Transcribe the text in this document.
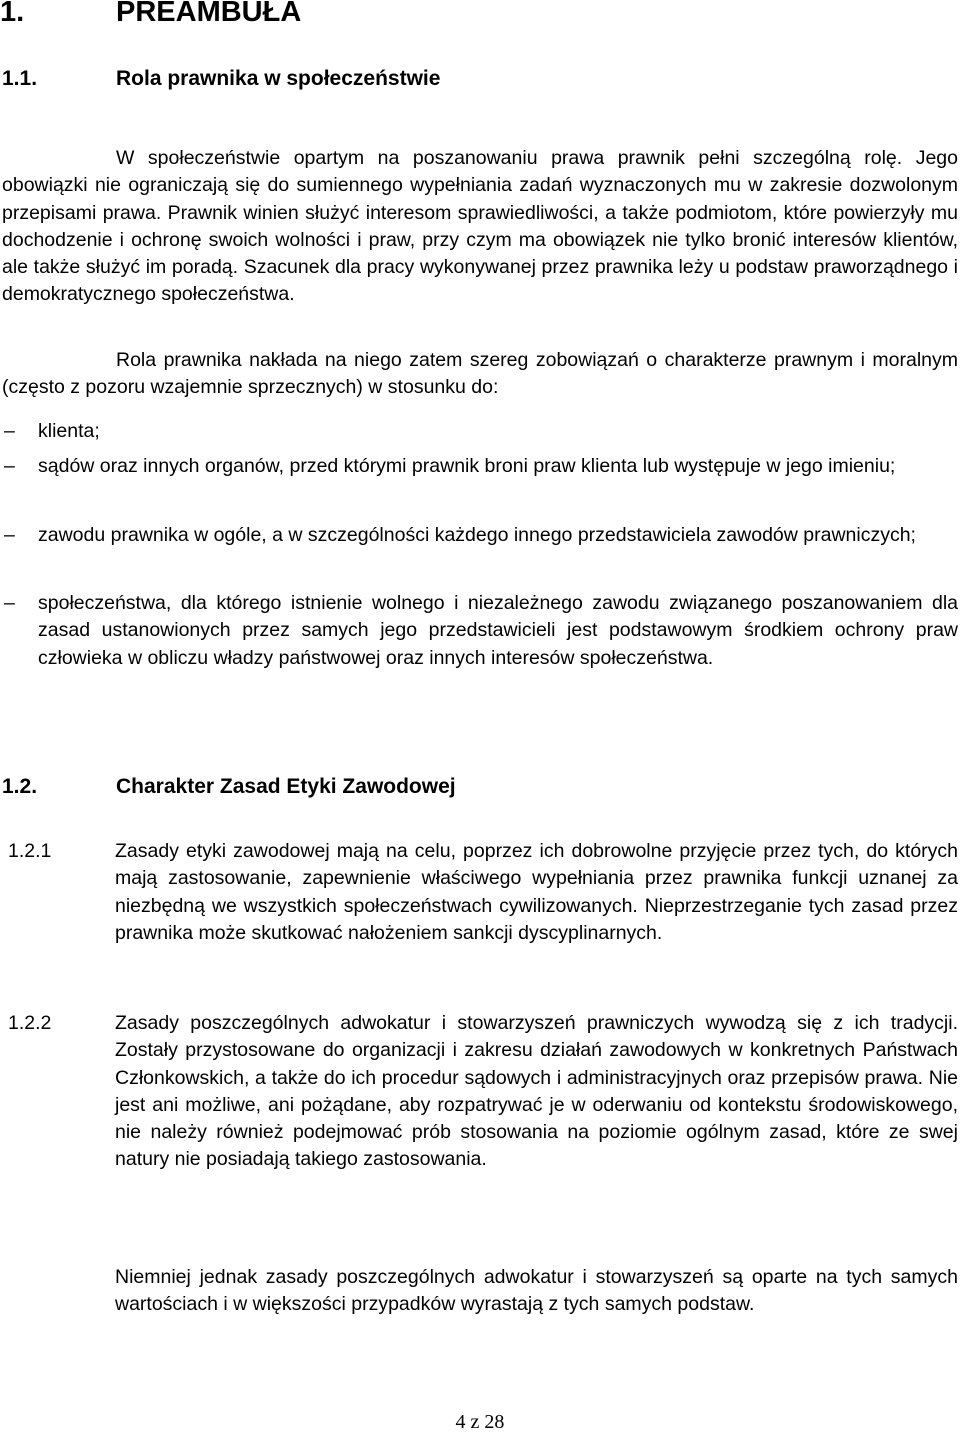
1.	PREAMBUŁA
1.1.	Rola prawnika w społeczeństwie

W społeczeństwie opartym na poszanowaniu prawa prawnik pełni szczególną rolę. Jego obowiązki nie ograniczają się do sumiennego wypełniania zadań wyznaczonych mu w zakresie dozwolonym przepisami prawa. Prawnik winien służyć interesom sprawiedliwości, a także podmiotom, które powierzyły mu dochodzenie i ochronę swoich wolności i praw, przy czym ma obowiązek nie tylko bronić interesów klientów, ale także służyć im poradą. Szacunek dla pracy wykonywanej przez prawnika leży u podstaw praworządnego i demokratycznego społeczeństwa.

Rola prawnika nakłada na niego zatem szereg zobowiązań o charakterze prawnym i moralnym (często z pozoru wzajemnie sprzecznych) w stosunku do:

– klienta;

– sądów oraz innych organów, przed którymi prawnik broni praw klienta lub występuje w jego imieniu;

– zawodu prawnika w ogóle, a w szczególności każdego innego przedstawiciela zawodów prawniczych;

– społeczeństwa, dla którego istnienie wolnego i niezależnego zawodu związanego poszanowaniem dla zasad ustanowionych przez samych jego przedstawicieli jest podstawowym środkiem ochrony praw człowieka w obliczu władzy państwowej oraz innych interesów społeczeństwa.

1.2.	Charakter Zasad Etyki Zawodowej
1.2.1	Zasady etyki zawodowej mają na celu, poprzez ich dobrowolne przyjęcie przez tych, do których mają zastosowanie, zapewnienie właściwego wypełniania przez prawnika funkcji uznanej za niezbędną we wszystkich społeczeństwach cywilizowanych. Nieprzestrzeganie tych zasad przez prawnika może skutkować nałożeniem sankcji dyscyplinarnych.

1.2.2	Zasady poszczególnych adwokatur i stowarzyszeń prawniczych wywodzą się z ich tradycji. Zostały przystosowane do organizacji i zakresu działań zawodowych w konkretnych Państwach Członkowskich, a także do ich procedur sądowych i administracyjnych oraz przepisów prawa. Nie jest ani możliwe, ani pożądane, aby rozpatrywać je w oderwaniu od kontekstu środowiskowego, nie należy również podejmować prób stosowania na poziomie ogólnym zasad, które ze swej natury nie posiadają takiego zastosowania.

Niemniej jednak zasady poszczególnych adwokatur i stowarzyszeń są oparte na tych samych wartościach i w większości przypadków wyrastają z tych samych podstaw.

4 z 28
